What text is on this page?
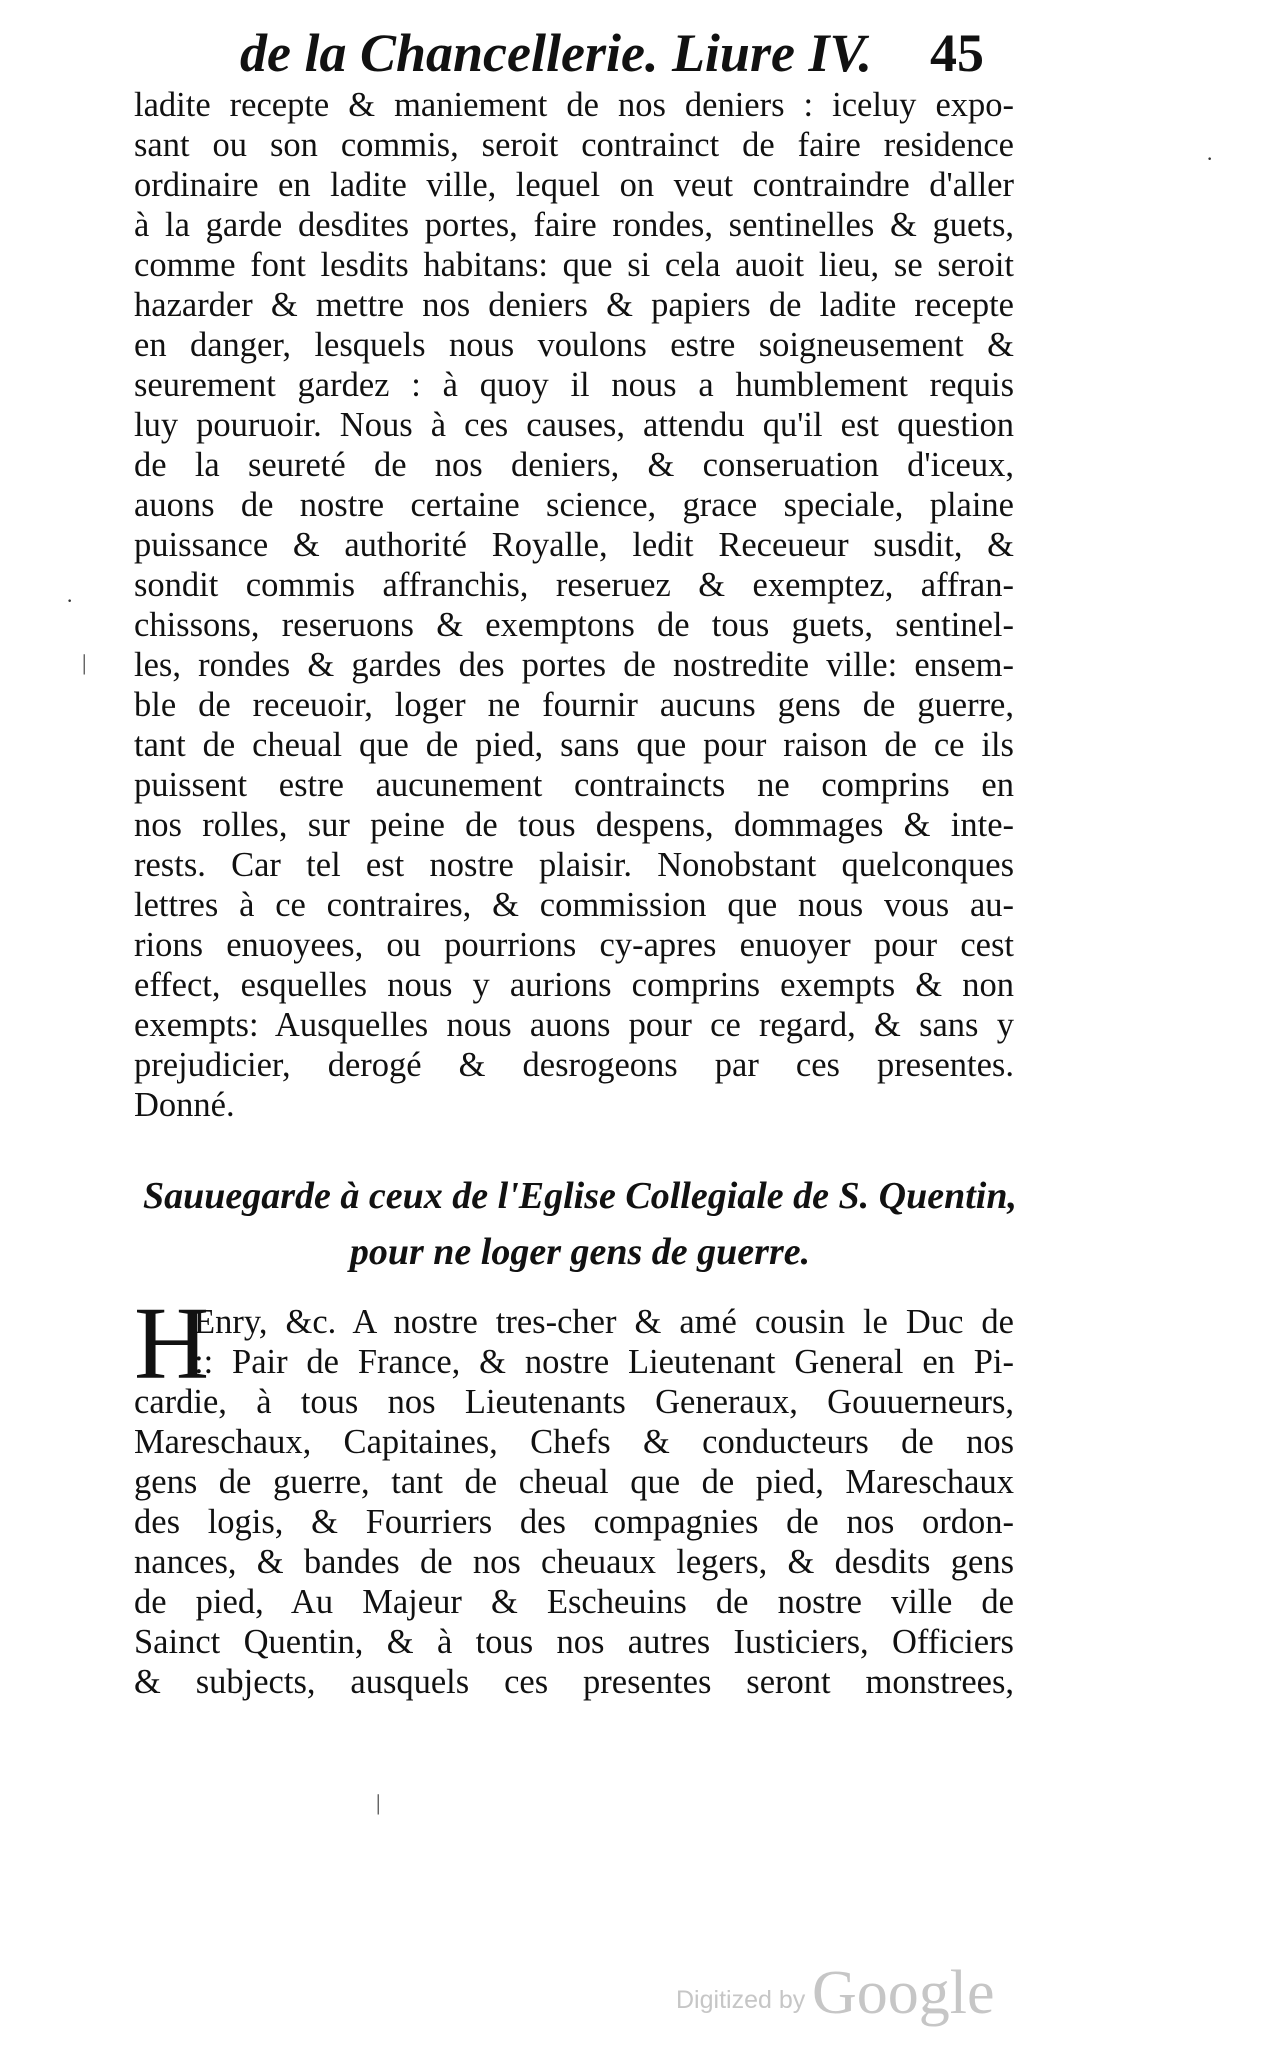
de la Chancellerie. Liure IV. 45
ladite recepte & maniement de nos deniers : iceluy expo-
sant ou son commis, seroit contrainct de faire residence
ordinaire en ladite ville, lequel on veut contraindre d'aller
à la garde desdites portes, faire rondes, sentinelles & guets,
comme font lesdits habitans: que si cela auoit lieu, se seroit
hazarder & mettre nos deniers & papiers de ladite recepte
en danger, lesquels nous voulons estre soigneusement &
seurement gardez : à quoy il nous a humblement requis
luy pouruoir. Nous à ces causes, attendu qu'il est question
de la seureté de nos deniers, & conseruation d'iceux,
auons de nostre certaine science, grace speciale, plaine
puissance & authorité Royalle, ledit Receueur susdit, &
sondit commis affranchis, reseruez & exemptez, affran-
chissons, reseruons & exemptons de tous guets, sentinel-
les, rondes & gardes des portes de nostredite ville: ensem-
ble de receuoir, loger ne fournir aucuns gens de guerre,
tant de cheual que de pied, sans que pour raison de ce ils
puissent estre aucunement contraincts ne comprins en
nos rolles, sur peine de tous despens, dommages & inte-
rests. Car tel est nostre plaisir. Nonobstant quelconques
lettres à ce contraires, & commission que nous vous au-
rions enuoyees, ou pourrions cy-apres enuoyer pour cest
effect, esquelles nous y aurions comprins exempts & non
exempts: Ausquelles nous auons pour ce regard, & sans y
prejudicier, derogé & desrogeons par ces presentes.
Donné.
Sauuegarde à ceux de l'Eglise Collegiale de S. Quentin,
pour ne loger gens de guerre.
H
Enry, &c. A nostre tres-cher & amé cousin le Duc de
:: Pair de France, & nostre Lieutenant General en Pi-
cardie, à tous nos Lieutenants Generaux, Gouuerneurs,
Mareschaux, Capitaines, Chefs & conducteurs de nos
gens de guerre, tant de cheual que de pied, Mareschaux
des logis, & Fourriers des compagnies de nos ordon-
nances, & bandes de nos cheuaux legers, & desdits gens
de pied, Au Majeur & Escheuins de nostre ville de
Sainct Quentin, & à tous nos autres Iusticiers, Officiers
& subjects, ausquels ces presentes seront monstrees,
·
·
|
|
Digitized by Google
